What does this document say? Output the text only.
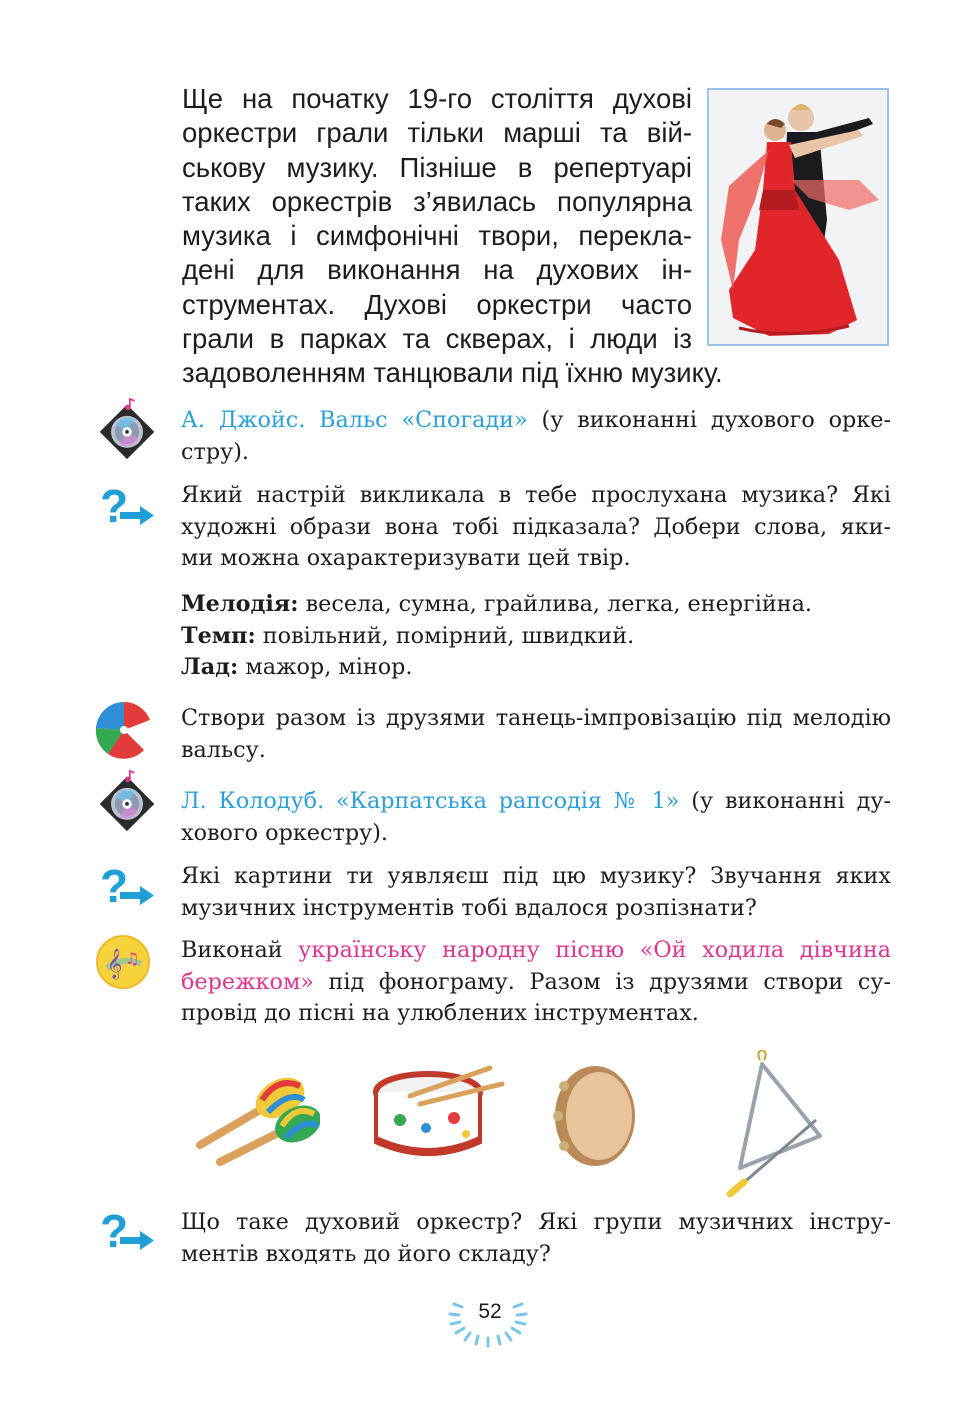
Ще на початку 19-го століття духові
оркестри грали тільки марші та вій-
ськову музику. Пізніше в репертуарі
таких оркестрів з’явилась популярна
музика і симфонічні твори, перекла-
дені для виконання на духових ін-
струментах. Духові оркестри часто
грали в парках та скверах, і люди із
задоволенням танцювали під їхню музику.
А. Джойс. Вальс «Спогади» (у виконанні духового орке-
стру).
Який настрій викликала в тебе прослухана музика? Які
художні образи вона тобі підказала? Добери слова, яки-
ми можна охарактеризувати цей твір.
Мелодія: весела, сумна, грайлива, легка, енергійна.
Темп: повільний, помірний, швидкий.
Лад: мажор, мінор.
Створи разом із друзями танець-імпровізацію під мелодію
вальсу.
Л. Колодуб. «Карпатська рапсодія № 1» (у виконанні ду-
хового оркестру).
Які картини ти уявляєш під цю музику? Звучання яких
музичних інструментів тобі вдалося розпізнати?
𝄞 ♫ Виконай українську народну пісню «Ой ходила дівчина
бережком» під фонограму. Разом із друзями створи су-
провід до пісні на улюблених інструментах.
Що таке духовий оркестр? Які групи музичних інстру-
ментів входять до його складу?
52
